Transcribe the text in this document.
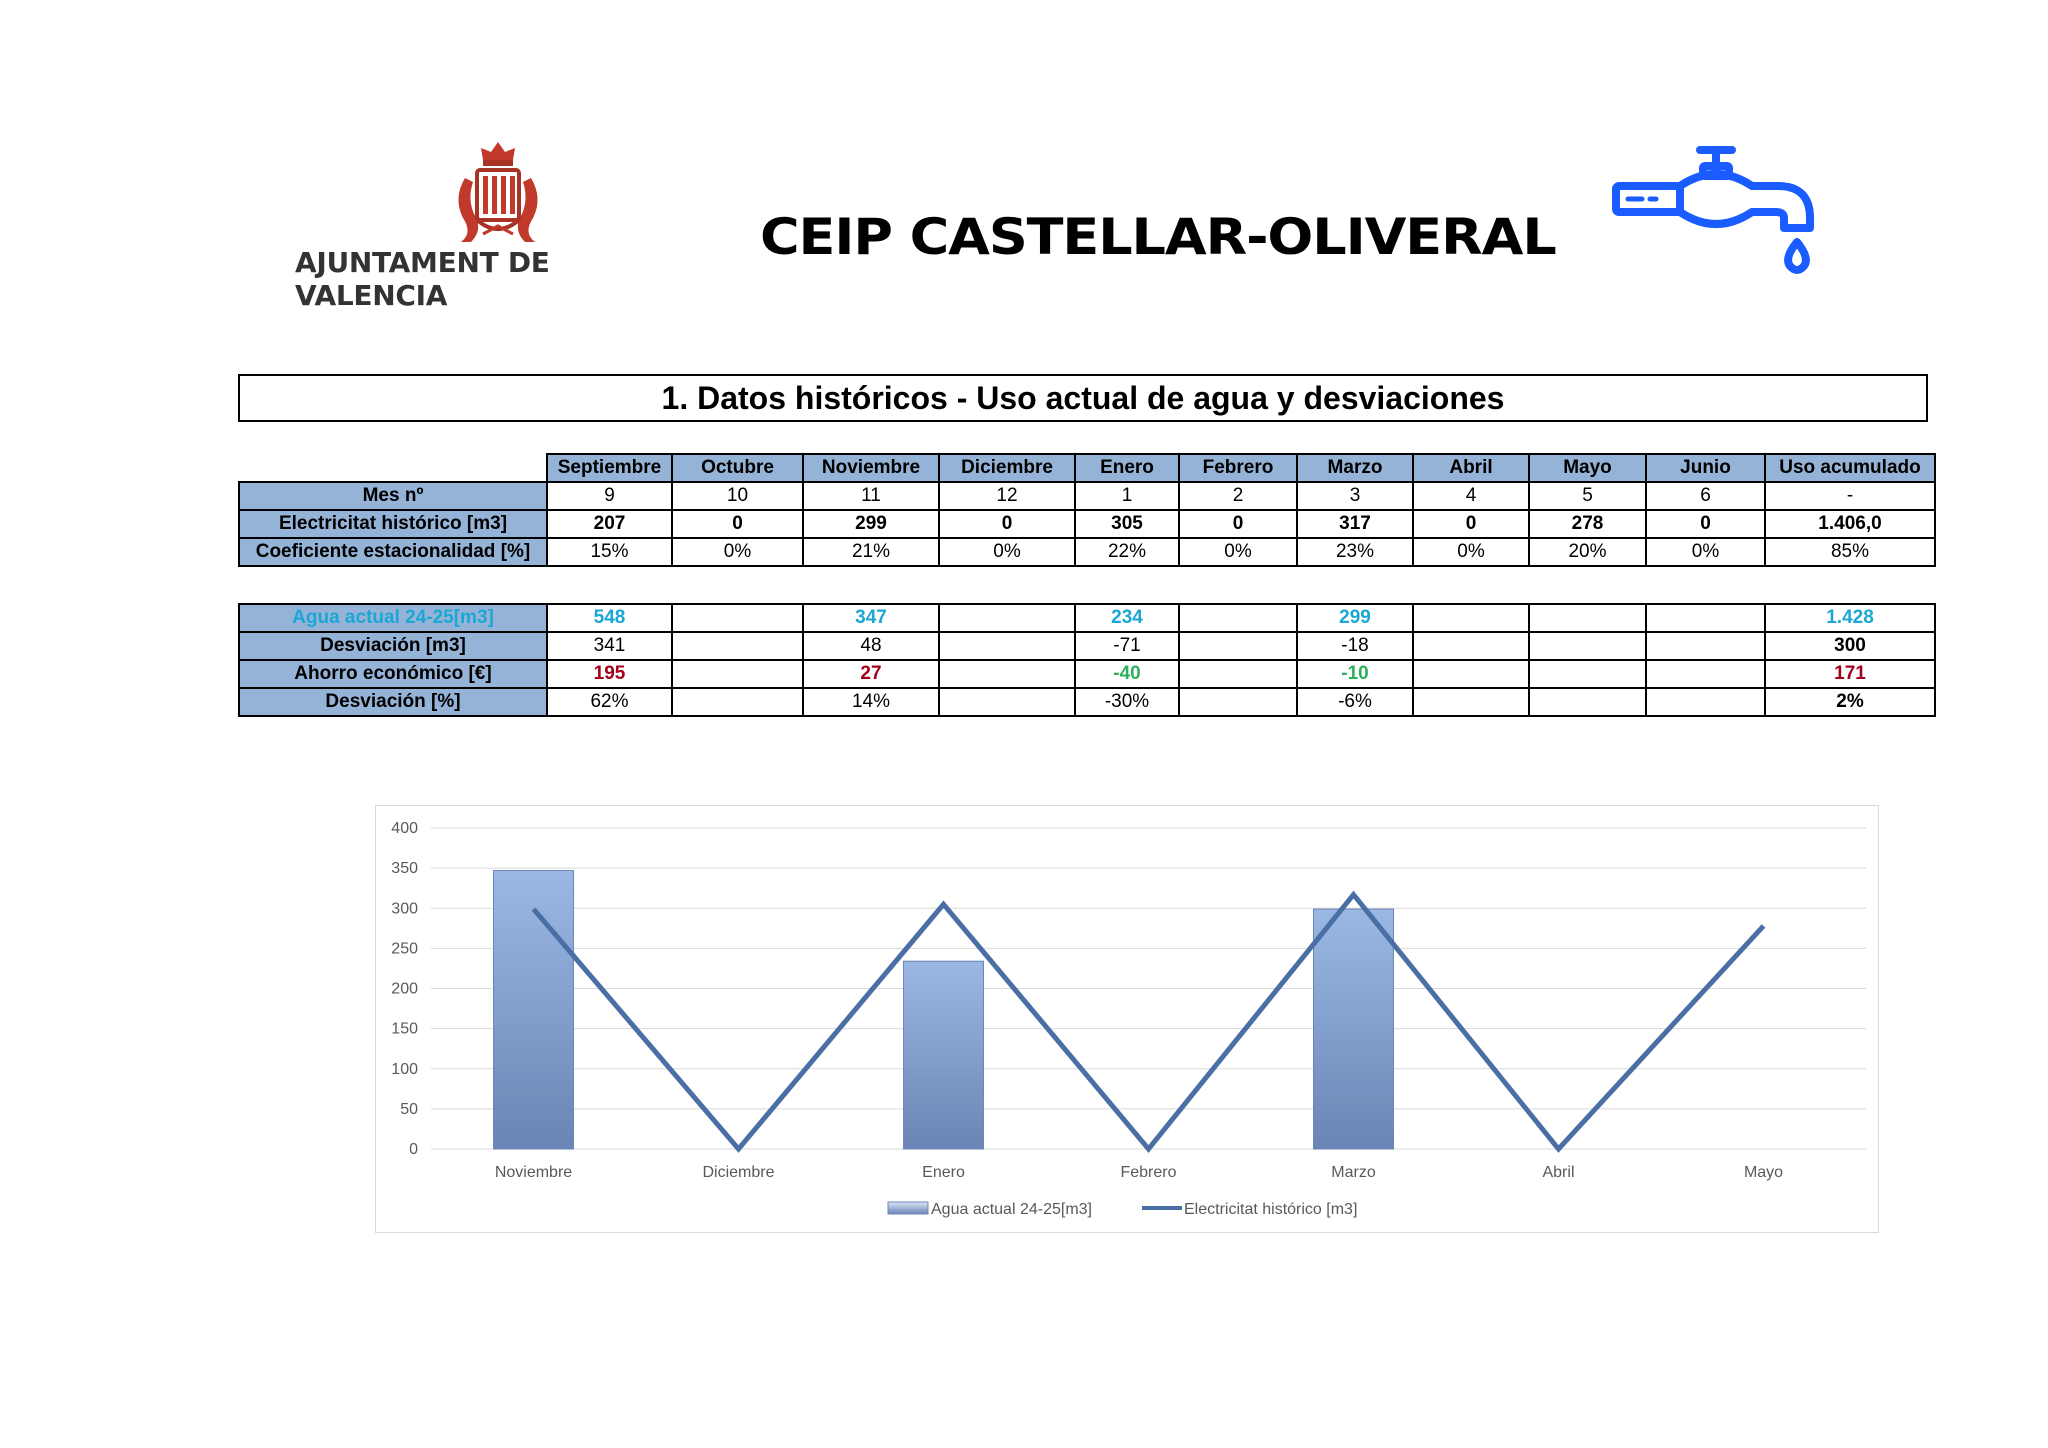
AJUNTAMENT DE VALENCIA
CEIP CASTELLAR-OLIVERAL
1. Datos históricos - Uso actual de agua y desviaciones
	Septiembre	Octubre	Noviembre	Diciembre	Enero	Febrero	Marzo	Abril	Mayo	Junio	Uso acumulado
Mes nº	9	10	11	12	1	2	3	4	5	6	-
Electricitat histórico [m3]	207	0	299	0	305	0	317	0	278	0	1.406,0
Coeficiente estacionalidad [%]	15%	0%	21%	0%	22%	0%	23%	0%	20%	0%	85%
Agua actual 24-25[m3]	548		347		234		299				1.428
Desviación [m3]	341		48		-71		-18				300
Ahorro económico [€]	195		27		-40		-10				171
Desviación [%]	62%		14%		-30%		-6%				2%
0
50
100
150
200
250
300
350
400
Noviembre	Diciembre	Enero	Febrero	Marzo	Abril	Mayo
Agua actual 24-25[m3]	Electricitat histórico [m3]
